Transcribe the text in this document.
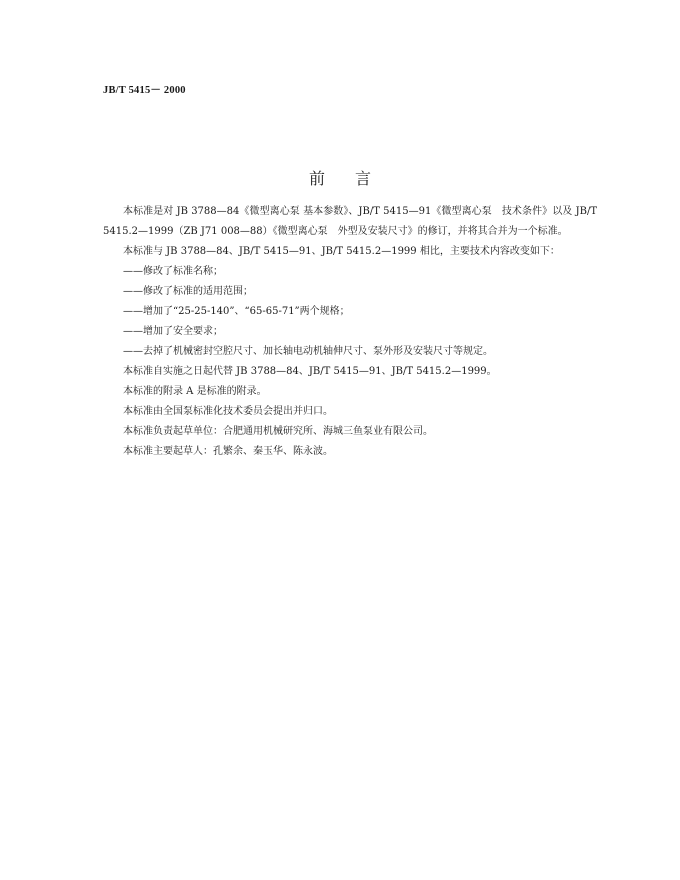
JB/T 5415－ 2000
前言

本标准是对 JB 3788—84《微型离心泵 基本参数》、JB/T 5415—91《微型离心泵　技术条件》以及 JB/T 5415.2—1999（ZB J71 008—88）《微型离心泵　外型及安装尺寸》的修订，并将其合并为一个标准。

本标准与 JB 3788—84、JB/T 5415—91、JB/T 5415.2—1999 相比，主要技术内容改变如下：

——修改了标准名称；

——修改了标准的适用范围；

——增加了“25-25-140”、“65-65-71”两个规格；

——增加了安全要求；

——去掉了机械密封空腔尺寸、加长轴电动机轴伸尺寸、泵外形及安装尺寸等规定。

本标准自实施之日起代替 JB 3788—84、JB/T 5415—91、JB/T 5415.2—1999。

本标准的附录 A 是标准的附录。

本标准由全国泵标准化技术委员会提出并归口。

本标准负责起草单位：合肥通用机械研究所、海城三鱼泵业有限公司。

本标准主要起草人：孔繁余、秦玉华、陈永波。
